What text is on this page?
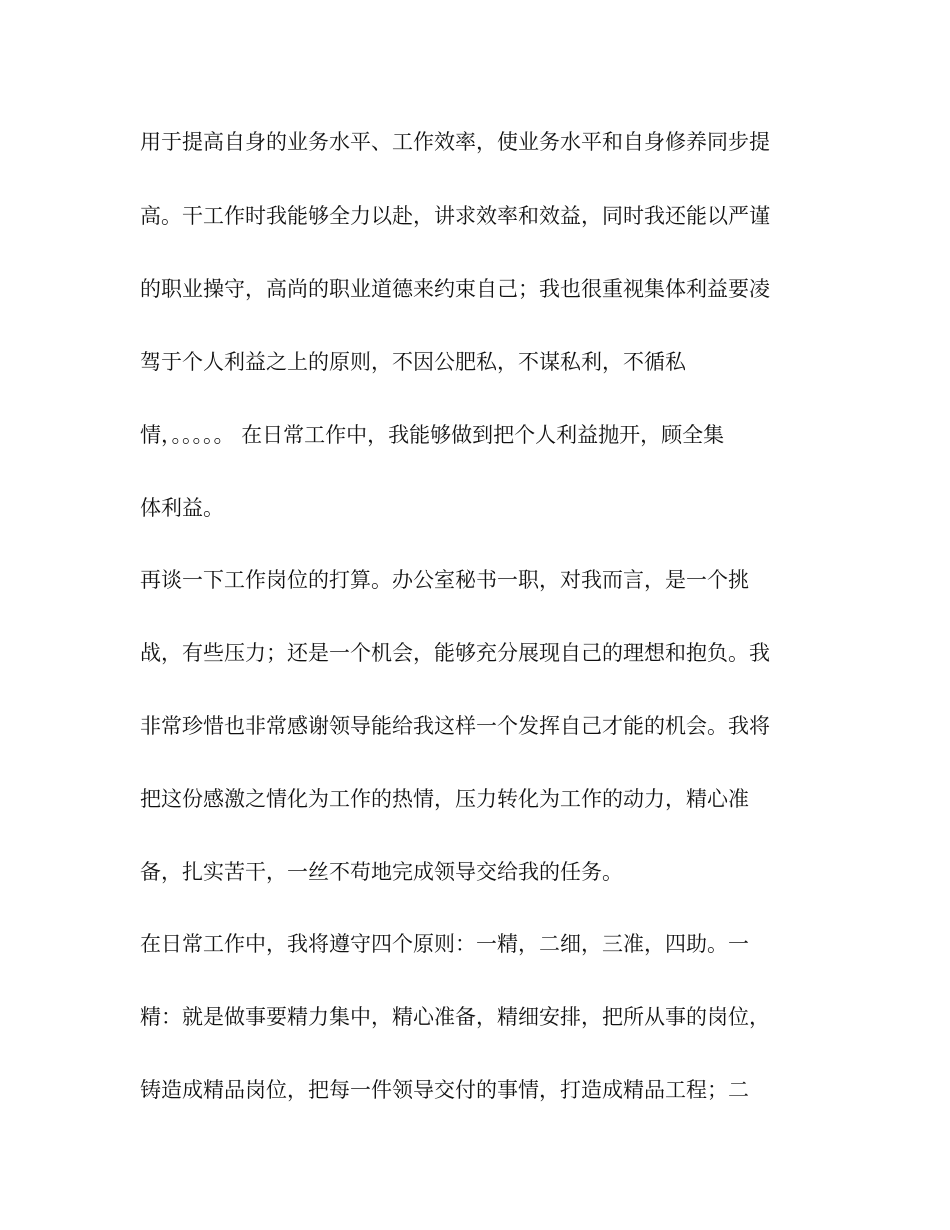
用于提高自身的业务水平、工作效率，使业务水平和自身修养同步提
高。干工作时我能够全力以赴，讲求效率和效益，同时我还能以严谨
的职业操守，高尚的职业道德来约束自己；我也很重视集体利益要凌
驾于个人利益之上的原则，不因公肥私，不谋私利，不循私
情，。。。。。 在日常工作中，我能够做到把个人利益抛开，顾全集
体利益。
再谈一下工作岗位的打算。办公室秘书一职，对我而言，是一个挑
战，有些压力；还是一个机会，能够充分展现自己的理想和抱负。我
非常珍惜也非常感谢领导能给我这样一个发挥自己才能的机会。我将
把这份感激之情化为工作的热情，压力转化为工作的动力，精心准
备，扎实苦干，一丝不苟地完成领导交给我的任务。
在日常工作中，我将遵守四个原则：一精，二细，三准，四助。一
精：就是做事要精力集中，精心准备，精细安排，把所从事的岗位，
铸造成精品岗位，把每一件领导交付的事情，打造成精品工程；二
